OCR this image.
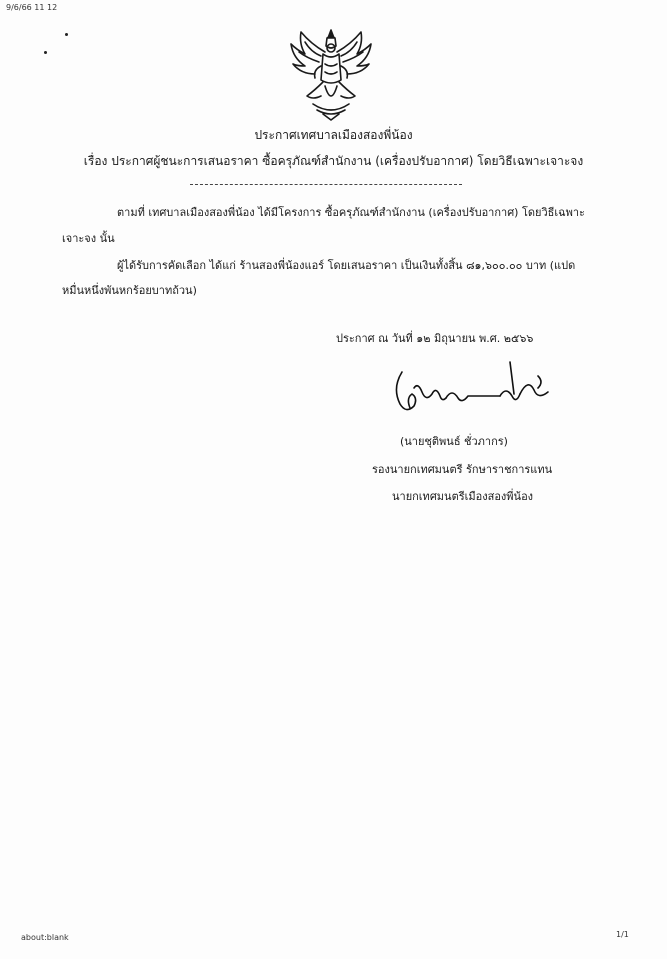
9/6/66 11 12
ประกาศเทศบาลเมืองสองพี่น้อง
เรื่อง ประกาศผู้ชนะการเสนอราคา ซื้อครุภัณฑ์สำนักงาน (เครื่องปรับอากาศ) โดยวิธีเฉพาะเจาะจง
ตามที่ เทศบาลเมืองสองพี่น้อง ได้มีโครงการ ซื้อครุภัณฑ์สำนักงาน (เครื่องปรับอากาศ) โดยวิธีเฉพาะ
เจาะจง นั้น
ผู้ได้รับการคัดเลือก ได้แก่ ร้านสองพี่น้องแอร์ โดยเสนอราคา เป็นเงินทั้งสิ้น ๘๑,๖๐๐.๐๐ บาท (แปด
หมื่นหนึ่งพันหกร้อยบาทถ้วน)
ประกาศ ณ วันที่ ๑๒ มิถุนายน พ.ศ. ๒๕๖๖
(นายชุติพนธ์ ชั่วภากร)
รองนายกเทศมนตรี รักษาราชการแทน
นายกเทศมนตรีเมืองสองพี่น้อง
about:blank	1/1
